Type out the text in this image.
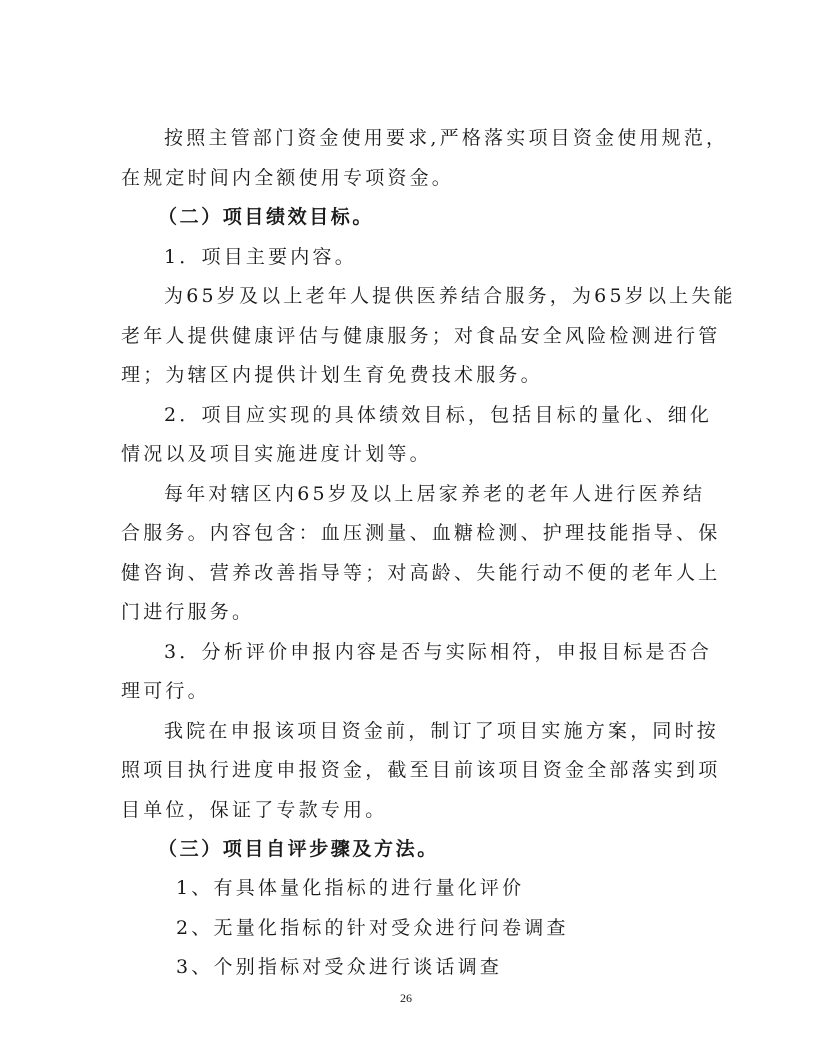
按照主管部门资金使用要求,严格落实项目资金使用规范，
在规定时间内全额使用专项资金。
（二）项目绩效目标。
1．项目主要内容。
为65岁及以上老年人提供医养结合服务，为65岁以上失能
老年人提供健康评估与健康服务；对食品安全风险检测进行管
理；为辖区内提供计划生育免费技术服务。
2．项目应实现的具体绩效目标，包括目标的量化、细化
情况以及项目实施进度计划等。
每年对辖区内65岁及以上居家养老的老年人进行医养结
合服务。内容包含：血压测量、血糖检测、护理技能指导、保
健咨询、营养改善指导等；对高龄、失能行动不便的老年人上
门进行服务。
3．分析评价申报内容是否与实际相符，申报目标是否合
理可行。
我院在申报该项目资金前，制订了项目实施方案，同时按
照项目执行进度申报资金，截至目前该项目资金全部落实到项
目单位，保证了专款专用。
（三）项目自评步骤及方法。
1、有具体量化指标的进行量化评价
2、无量化指标的针对受众进行问卷调查
3、个别指标对受众进行谈话调查
26
